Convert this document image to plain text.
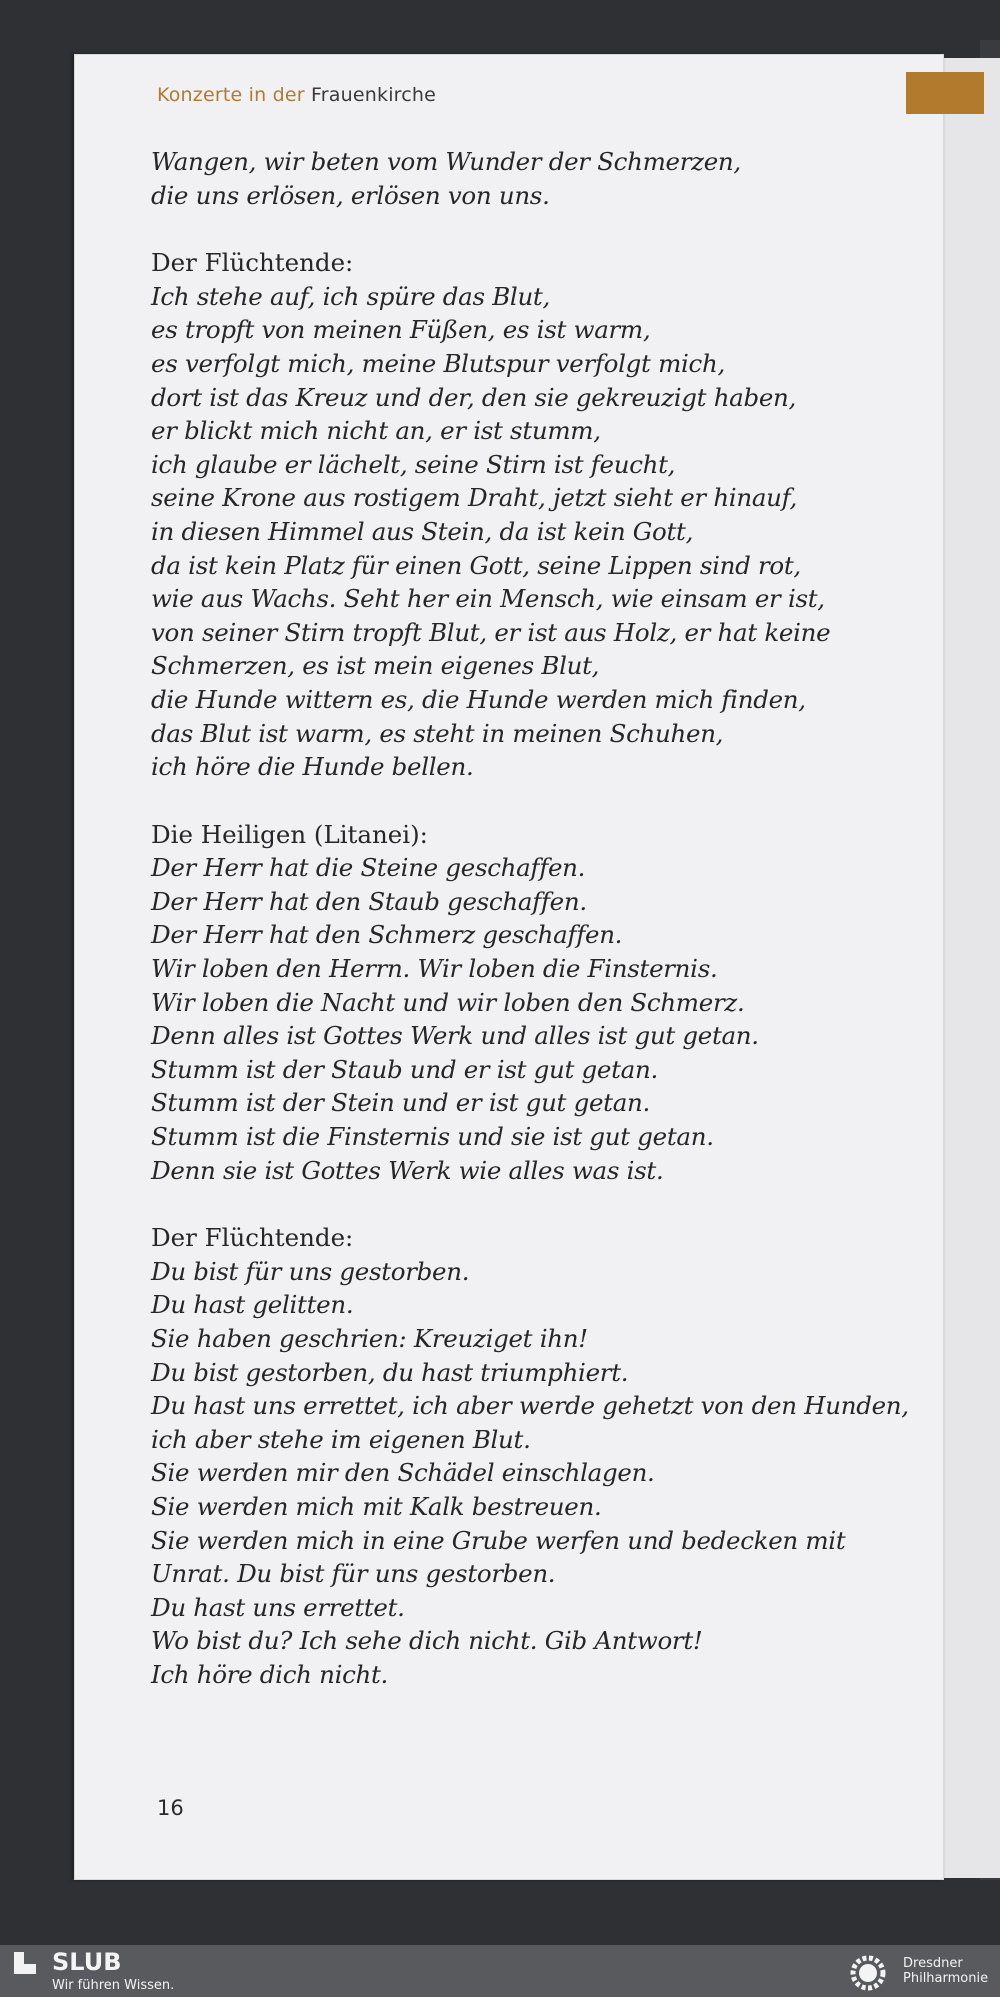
Konzerte in der Frauenkirche
Wangen, wir beten vom Wunder der Schmerzen,
die uns erlösen, erlösen von uns.
Der Flüchtende:
Ich stehe auf, ich spüre das Blut,
es tropft von meinen Füßen, es ist warm,
es verfolgt mich, meine Blutspur verfolgt mich,
dort ist das Kreuz und der, den sie gekreuzigt haben,
er blickt mich nicht an, er ist stumm,
ich glaube er lächelt, seine Stirn ist feucht,
seine Krone aus rostigem Draht, jetzt sieht er hinauf,
in diesen Himmel aus Stein, da ist kein Gott,
da ist kein Platz für einen Gott, seine Lippen sind rot,
wie aus Wachs. Seht her ein Mensch, wie einsam er ist,
von seiner Stirn tropft Blut, er ist aus Holz, er hat keine
Schmerzen, es ist mein eigenes Blut,
die Hunde wittern es, die Hunde werden mich finden,
das Blut ist warm, es steht in meinen Schuhen,
ich höre die Hunde bellen.
Die Heiligen (Litanei):
Der Herr hat die Steine geschaffen.
Der Herr hat den Staub geschaffen.
Der Herr hat den Schmerz geschaffen.
Wir loben den Herrn. Wir loben die Finsternis.
Wir loben die Nacht und wir loben den Schmerz.
Denn alles ist Gottes Werk und alles ist gut getan.
Stumm ist der Staub und er ist gut getan.
Stumm ist der Stein und er ist gut getan.
Stumm ist die Finsternis und sie ist gut getan.
Denn sie ist Gottes Werk wie alles was ist.
Der Flüchtende:
Du bist für uns gestorben.
Du hast gelitten.
Sie haben geschrien: Kreuziget ihn!
Du bist gestorben, du hast triumphiert.
Du hast uns errettet, ich aber werde gehetzt von den Hunden,
ich aber stehe im eigenen Blut.
Sie werden mir den Schädel einschlagen.
Sie werden mich mit Kalk bestreuen.
Sie werden mich in eine Grube werfen und bedecken mit
Unrat. Du bist für uns gestorben.
Du hast uns errettet.
Wo bist du? Ich sehe dich nicht. Gib Antwort!
Ich höre dich nicht.
16
SLUB
Wir führen Wissen.
Dresdner
Philharmonie
